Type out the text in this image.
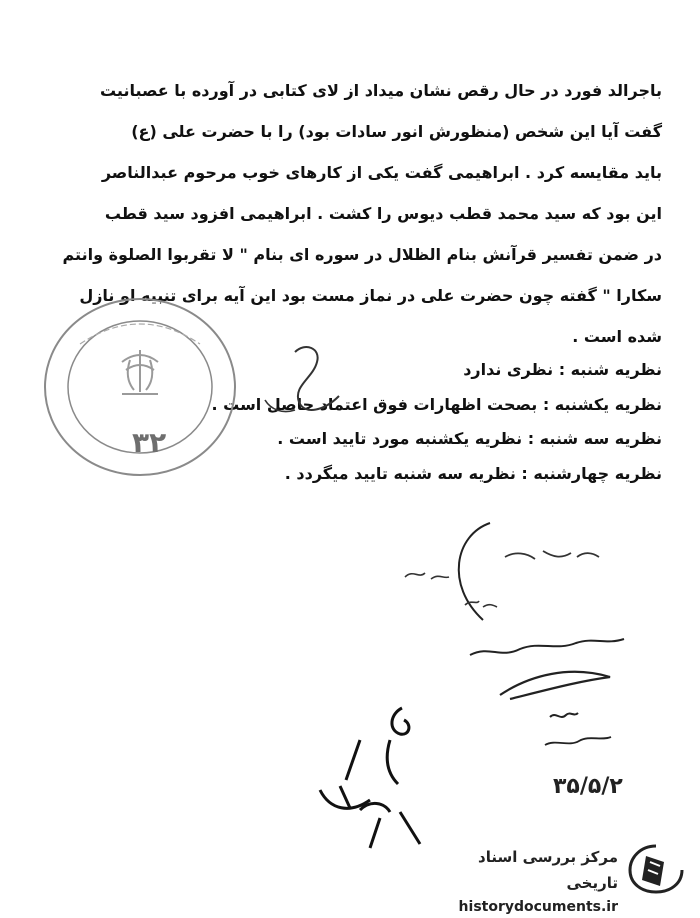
باجرالد فورد در حال رقص نشان میداد از لای کتابی در آورده با عصبانیت
گفت آیا این شخص (منظورش انور سادات بود) را با حضرت علی (ع)
باید مقایسه کرد . ابراهیمی گفت یکی از کارهای خوب مرحوم عبدالناصر
این بود که سید محمد قطب دیوس را کشت . ابراهیمی افزود سید قطب
در ضمن تفسیر قرآنش بنام الظلال در سوره ای بنام " لا تقربوا الصلوة وانتم
سکارا " گفته چون حضرت علی در نماز مست بود این آیه برای تنبیه او نازل
شده است .
نظریه شنبه : نظری ندارد
نظریه یکشنبه : بصحت اظهارات فوق اعتماد حاصل است .
نظریه سه شنبه : نظریه یکشنبه مورد تایید است .
نظریه چهارشنبه : نظریه سه شنبه تایید میگردد .
۳۲
۳۵/۵/۲
مرکز بررسی اسناد تاریخی
historydocuments.ir
